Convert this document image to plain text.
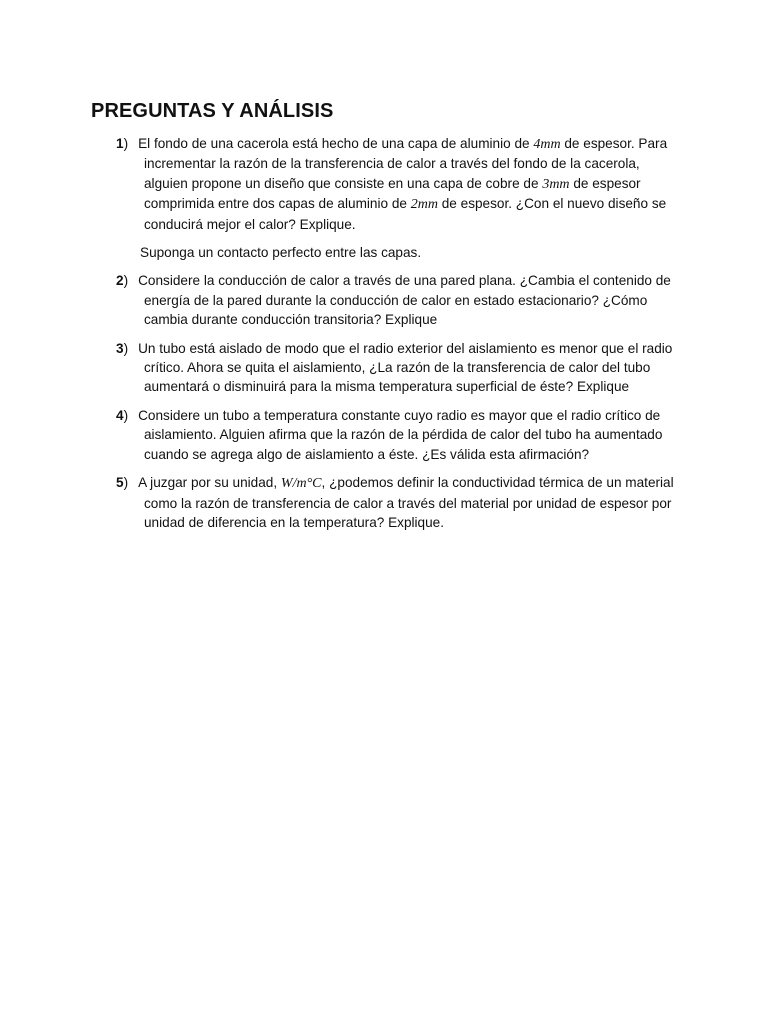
PREGUNTAS Y ANÁLISIS

1) El fondo de una cacerola está hecho de una capa de aluminio de 4mm de espesor. Para incrementar la razón de la transferencia de calor a través del fondo de la cacerola, alguien propone un diseño que consiste en una capa de cobre de 3mm de espesor comprimida entre dos capas de aluminio de 2mm de espesor. ¿Con el nuevo diseño se conducirá mejor el calor? Explique.

Suponga un contacto perfecto entre las capas.

2) Considere la conducción de calor a través de una pared plana. ¿Cambia el contenido de energía de la pared durante la conducción de calor en estado estacionario? ¿Cómo cambia durante conducción transitoria? Explique

3) Un tubo está aislado de modo que el radio exterior del aislamiento es menor que el radio crítico. Ahora se quita el aislamiento, ¿La razón de la transferencia de calor del tubo aumentará o disminuirá para la misma temperatura superficial de éste? Explique

4) Considere un tubo a temperatura constante cuyo radio es mayor que el radio crítico de aislamiento. Alguien afirma que la razón de la pérdida de calor del tubo ha aumentado cuando se agrega algo de aislamiento a éste. ¿Es válida esta afirmación?

5) A juzgar por su unidad, W/m°C, ¿podemos definir la conductividad térmica de un material como la razón de transferencia de calor a través del material por unidad de espesor por unidad de diferencia en la temperatura? Explique.
